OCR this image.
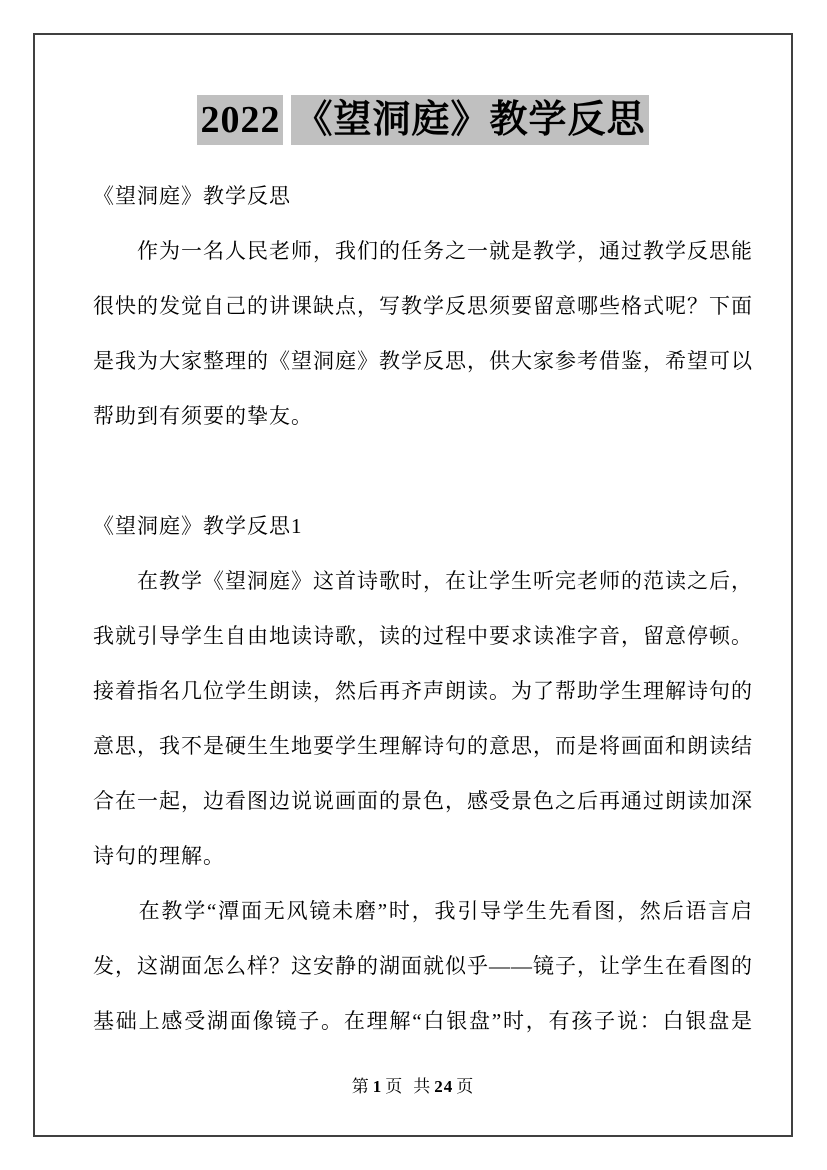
2022 《望洞庭》教学反思
《望洞庭》教学反思
　　作为一名人民老师，我们的任务之一就是教学，通过教学反思能
很快的发觉自己的讲课缺点，写教学反思须要留意哪些格式呢？下面
是我为大家整理的《望洞庭》教学反思，供大家参考借鉴，希望可以
帮助到有须要的挚友。

《望洞庭》教学反思1
　　在教学《望洞庭》这首诗歌时，在让学生听完老师的范读之后，
我就引导学生自由地读诗歌，读的过程中要求读准字音，留意停顿。
接着指名几位学生朗读，然后再齐声朗读。为了帮助学生理解诗句的
意思，我不是硬生生地要学生理解诗句的意思，而是将画面和朗读结
合在一起，边看图边说说画面的景色，感受景色之后再通过朗读加深
诗句的理解。
　　在教学“潭面无风镜未磨”时，我引导学生先看图，然后语言启
发，这湖面怎么样？这安静的湖面就似乎——镜子，让学生在看图的
基础上感受湖面像镜子。在理解“白银盘”时，有孩子说：白银盘是
第 1 页 共 24 页
